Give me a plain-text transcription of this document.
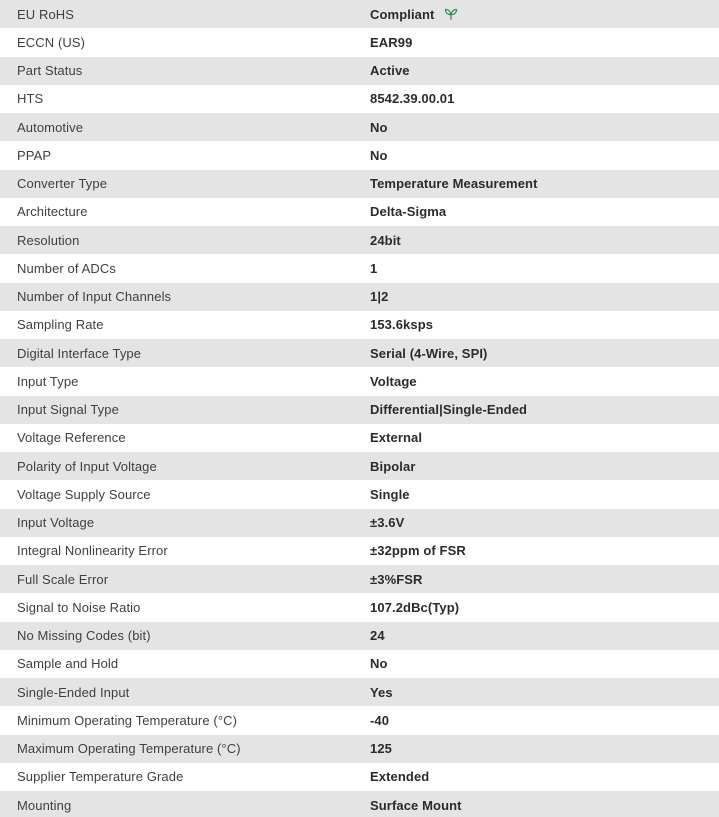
EU RoHS	Compliant
ECCN (US)	EAR99
Part Status	Active
HTS	8542.39.00.01
Automotive	No
PPAP	No
Converter Type	Temperature Measurement
Architecture	Delta-Sigma
Resolution	24bit
Number of ADCs	1
Number of Input Channels	1|2
Sampling Rate	153.6ksps
Digital Interface Type	Serial (4-Wire, SPI)
Input Type	Voltage
Input Signal Type	Differential|Single-Ended
Voltage Reference	External
Polarity of Input Voltage	Bipolar
Voltage Supply Source	Single
Input Voltage	±3.6V
Integral Nonlinearity Error	±32ppm of FSR
Full Scale Error	±3%FSR
Signal to Noise Ratio	107.2dBc(Typ)
No Missing Codes (bit)	24
Sample and Hold	No
Single-Ended Input	Yes
Minimum Operating Temperature (°C)	-40
Maximum Operating Temperature (°C)	125
Supplier Temperature Grade	Extended
Mounting	Surface Mount
